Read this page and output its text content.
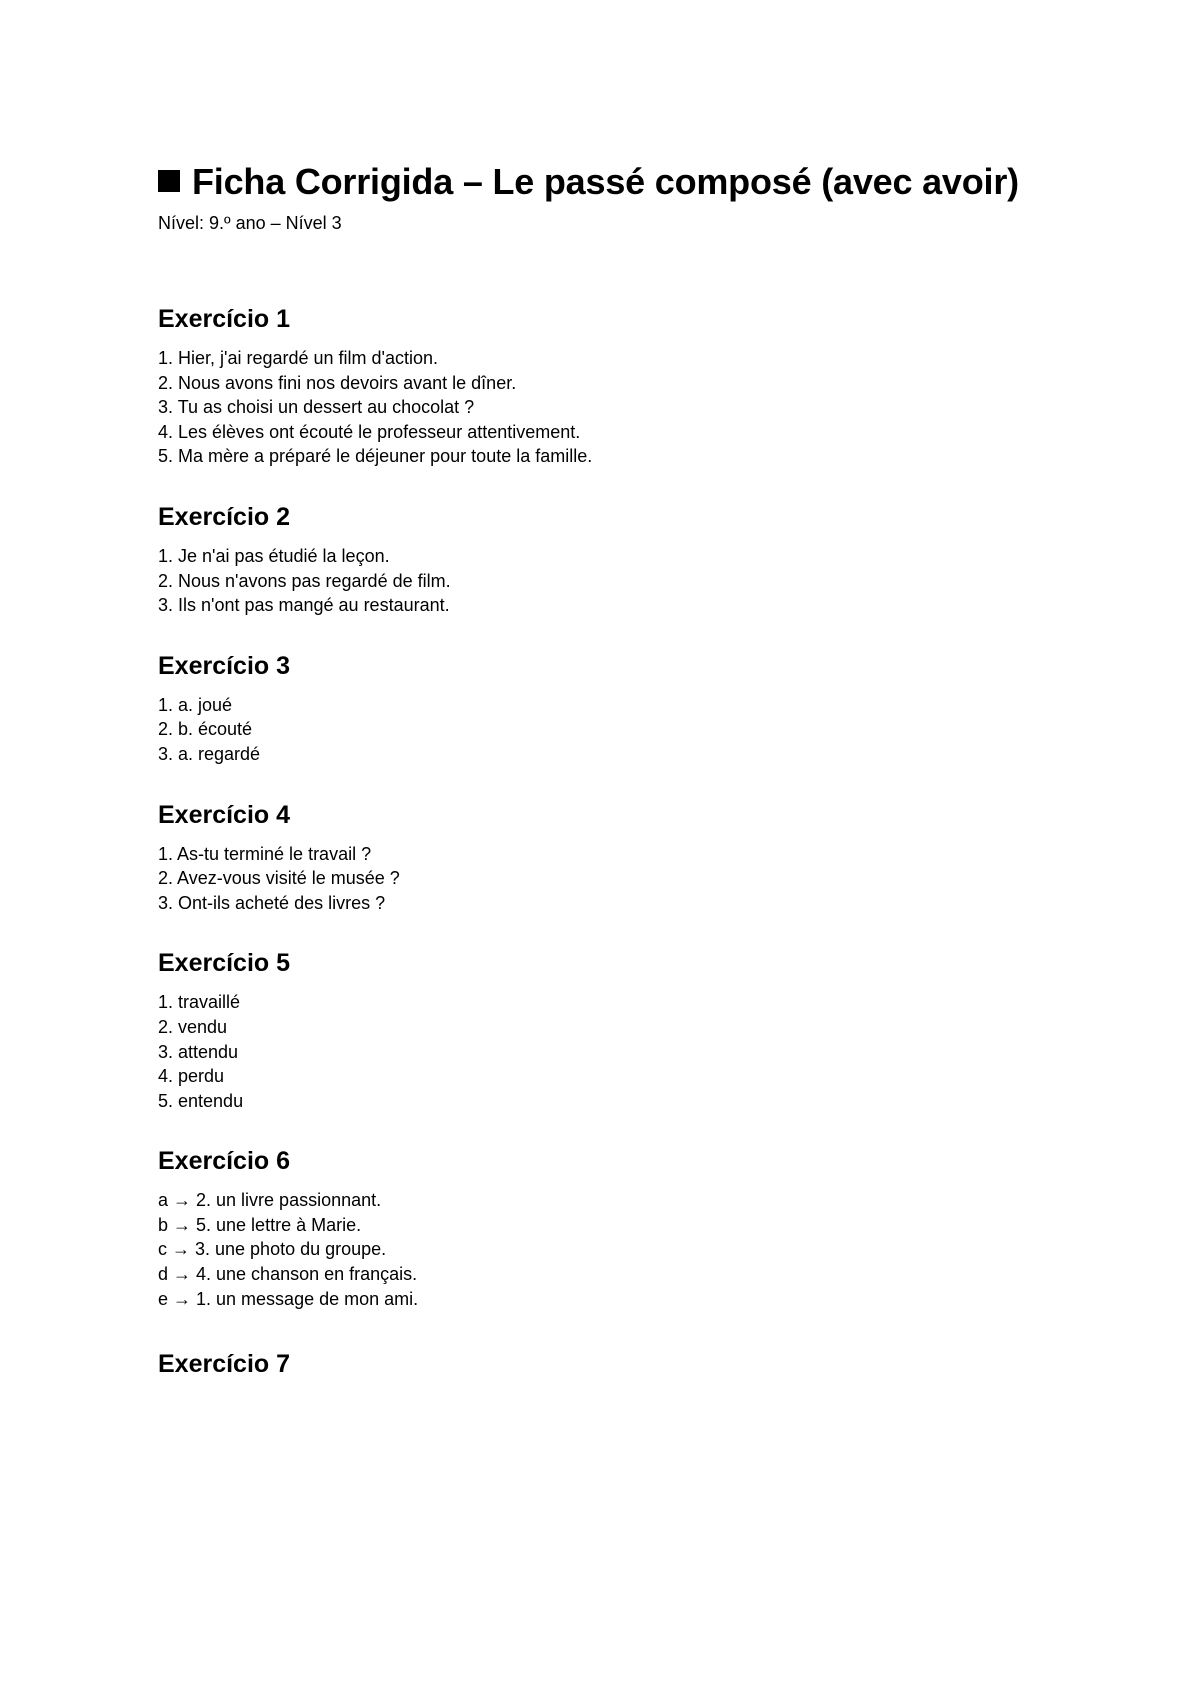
Ficha Corrigida – Le passé composé (avec avoir)
Nível: 9.º ano – Nível 3
Exercício 1
1. Hier, j'ai regardé un film d'action.
2. Nous avons fini nos devoirs avant le dîner.
3. Tu as choisi un dessert au chocolat ?
4. Les élèves ont écouté le professeur attentivement.
5. Ma mère a préparé le déjeuner pour toute la famille.
Exercício 2
1. Je n'ai pas étudié la leçon.
2. Nous n'avons pas regardé de film.
3. Ils n'ont pas mangé au restaurant.
Exercício 3
1. a. joué
2. b. écouté
3. a. regardé
Exercício 4
1. As-tu terminé le travail ?
2. Avez-vous visité le musée ?
3. Ont-ils acheté des livres ?
Exercício 5
1. travaillé
2. vendu
3. attendu
4. perdu
5. entendu
Exercício 6
a → 2. un livre passionnant.
b → 5. une lettre à Marie.
c → 3. une photo du groupe.
d → 4. une chanson en français.
e → 1. un message de mon ami.
Exercício 7
